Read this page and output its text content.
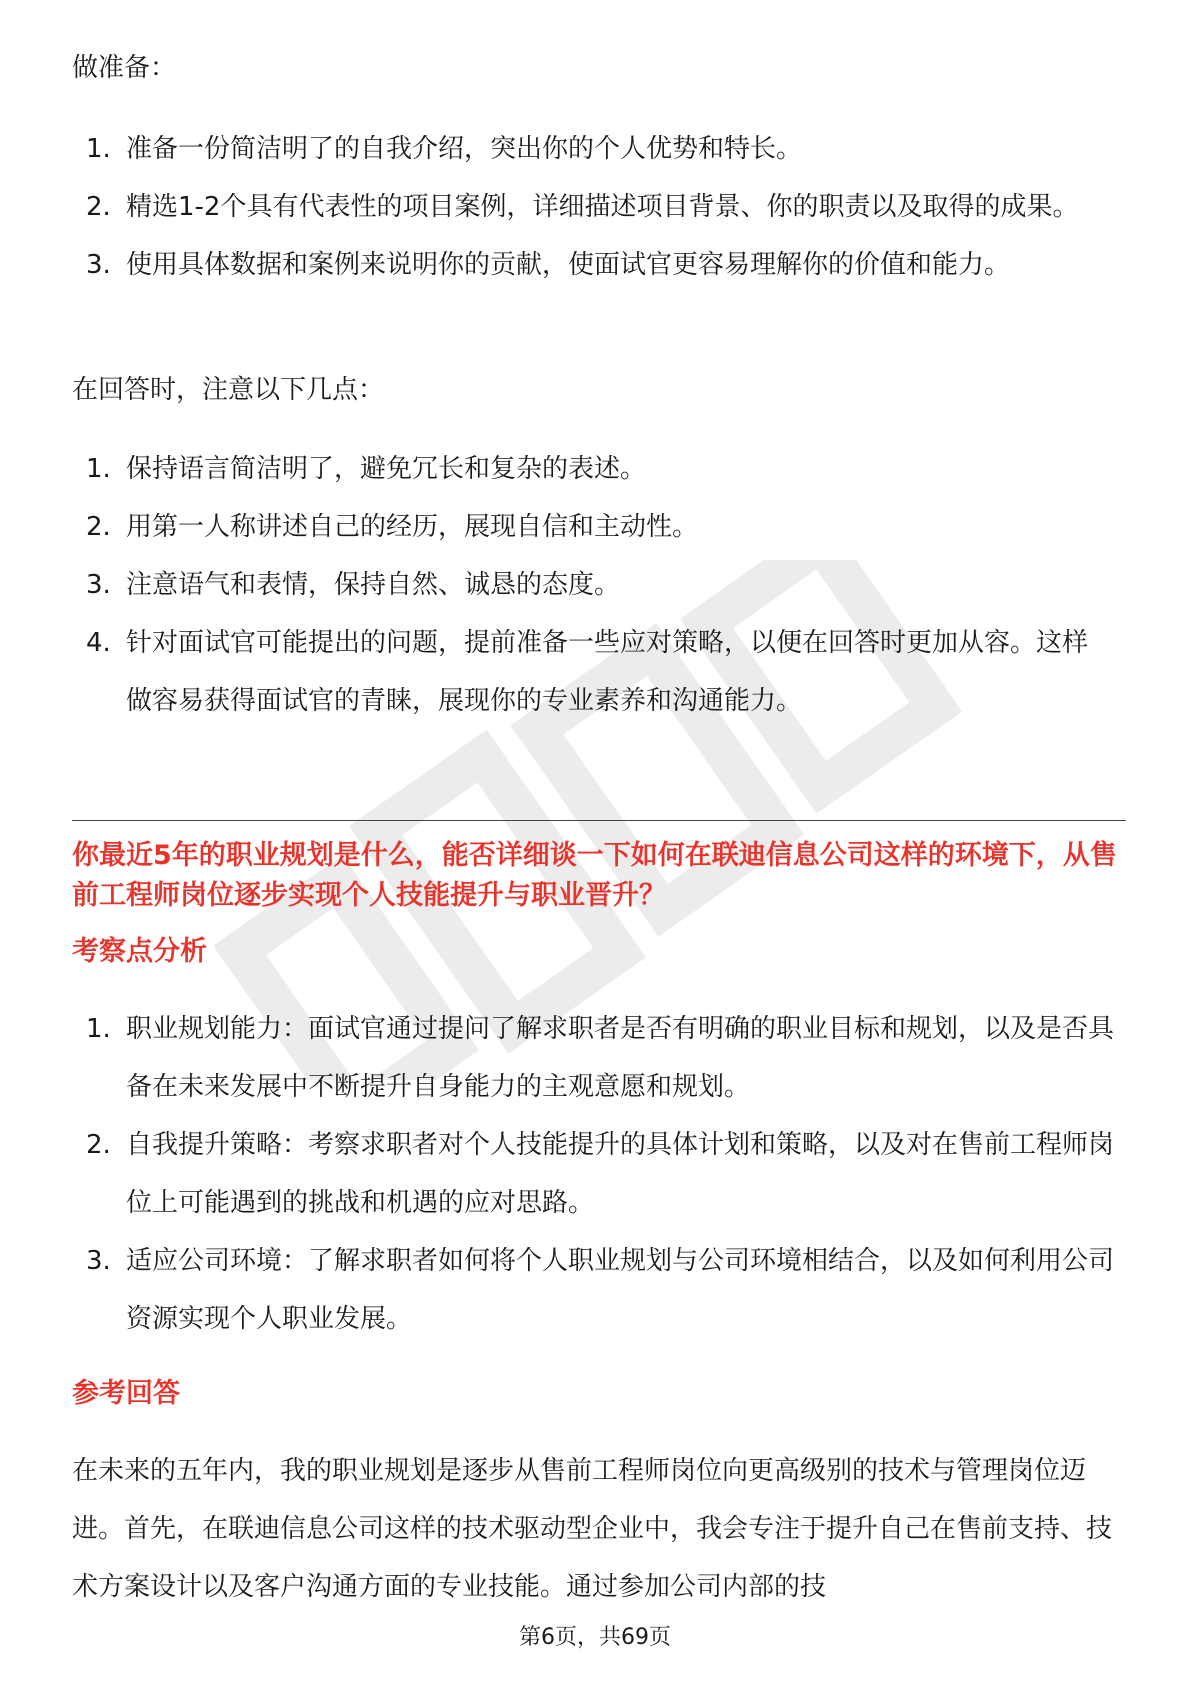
做准备：

1. 准备一份简洁明了的自我介绍，突出你的个人优势和特长。
2. 精选1-2个具有代表性的项目案例，详细描述项目背景、你的职责以及取得的成果。
3. 使用具体数据和案例来说明你的贡献，使面试官更容易理解你的价值和能力。

在回答时，注意以下几点：

1. 保持语言简洁明了，避免冗长和复杂的表述。
2. 用第一人称讲述自己的经历，展现自信和主动性。
3. 注意语气和表情，保持自然、诚恳的态度。
4. 针对面试官可能提出的问题，提前准备一些应对策略，以便在回答时更加从容。这样做容易获得面试官的青睐，展现你的专业素养和沟通能力。

你最近5年的职业规划是什么，能否详细谈一下如何在联迪信息公司这样的环境下，从售前工程师岗位逐步实现个人技能提升与职业晋升？

考察点分析

1. 职业规划能力：面试官通过提问了解求职者是否有明确的职业目标和规划，以及是否具备在未来发展中不断提升自身能力的主观意愿和规划。
2. 自我提升策略：考察求职者对个人技能提升的具体计划和策略，以及对在售前工程师岗位上可能遇到的挑战和机遇的应对思路。
3. 适应公司环境：了解求职者如何将个人职业规划与公司环境相结合，以及如何利用公司资源实现个人职业发展。

参考回答

在未来的五年内，我的职业规划是逐步从售前工程师岗位向更高级别的技术与管理岗位迈进。首先，在联迪信息公司这样的技术驱动型企业中，我会专注于提升自己在售前支持、技术方案设计以及客户沟通方面的专业技能。通过参加公司内部的技

第6页，共69页
